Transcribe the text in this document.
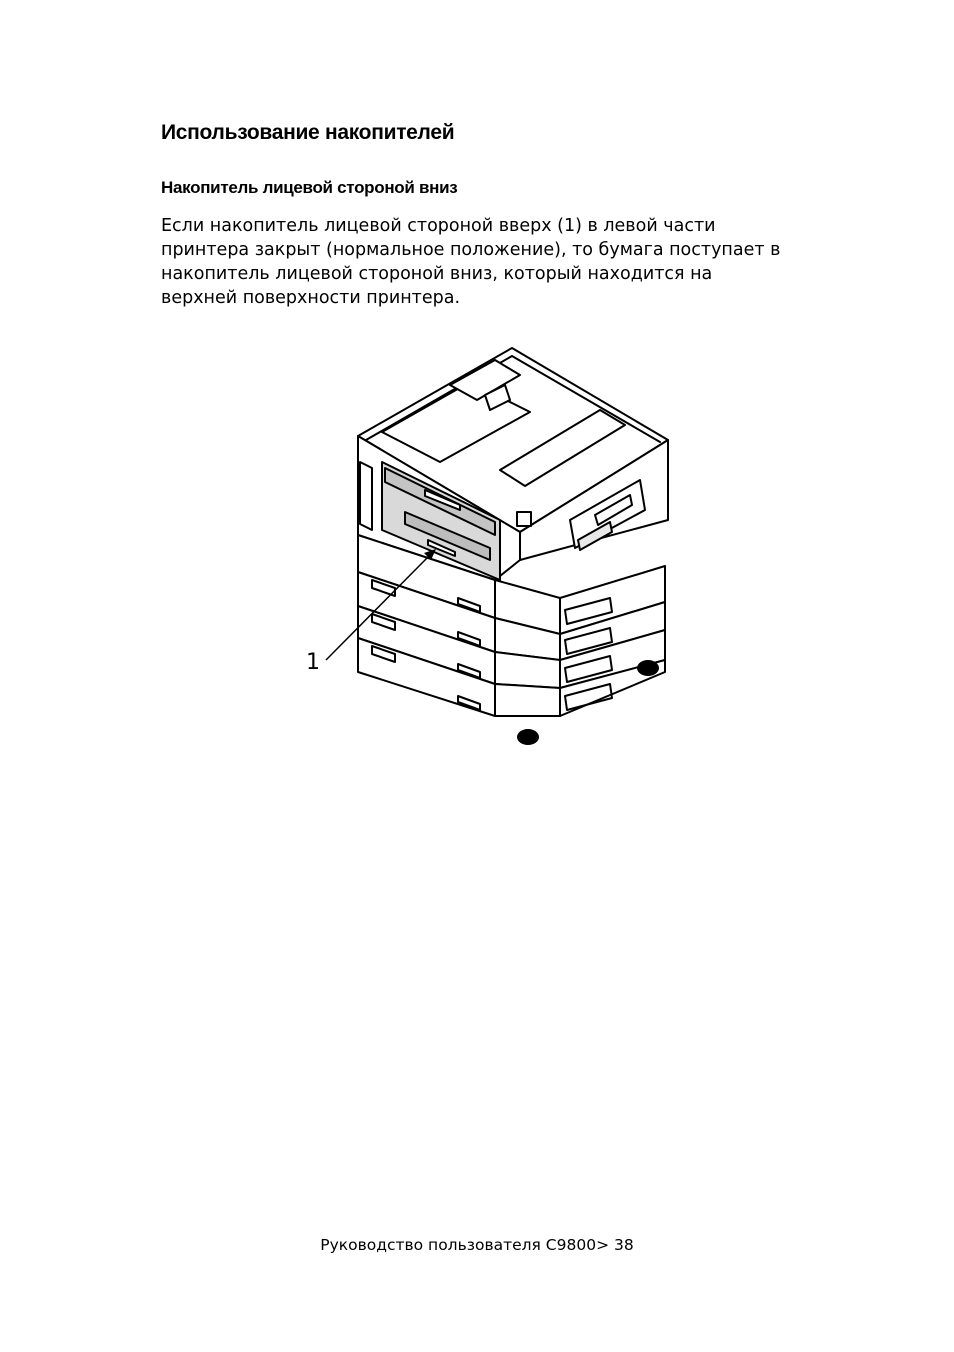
Использование накопителей
Накопитель лицевой стороной вниз

Если накопитель лицевой стороной вверх (1) в левой части
принтера закрыт (нормальное положение), то бумага поступает в
накопитель лицевой стороной вниз, который находится на
верхней поверхности принтера.

1
Руководство пользователя C9800> 38
